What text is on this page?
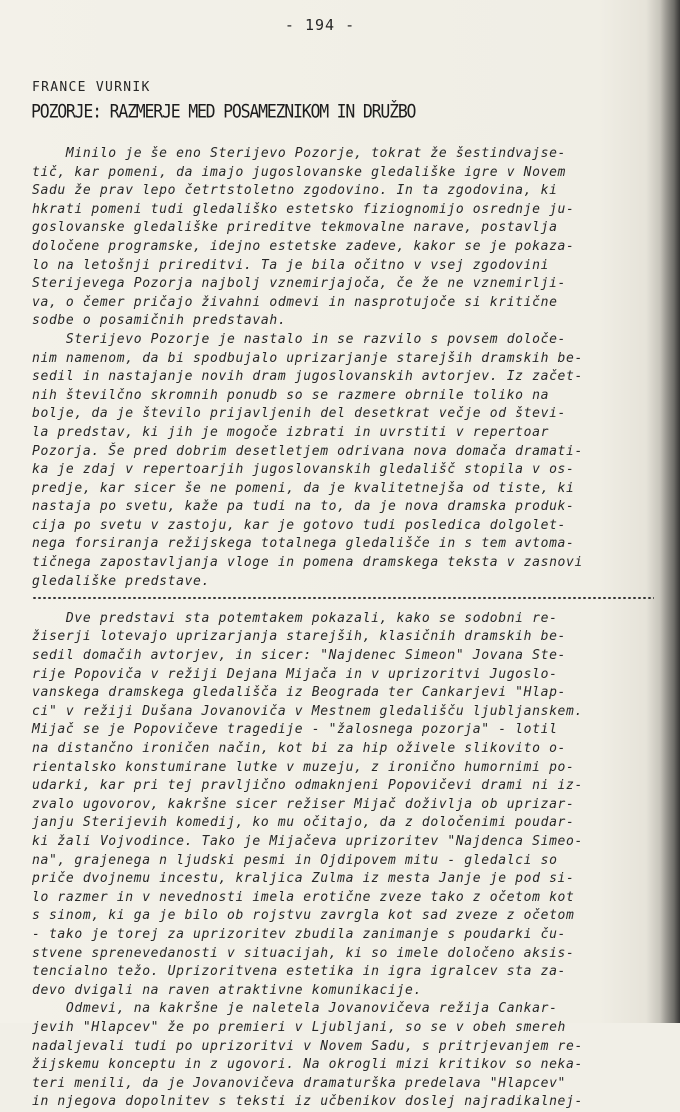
- 194 -
FRANCE VURNIK
POZORJE: RAZMERJE MED POSAMEZNIKOM IN DRUŽBO
Minilo je še eno Sterijevo Pozorje, tokrat že šestindvajse-
tič, kar pomeni, da imajo jugoslovanske gledališke igre v Novem
Sadu že prav lepo četrtstoletno zgodovino. In ta zgodovina, ki
hkrati pomeni tudi gledališko estetsko fiziognomijo osrednje ju-
goslovanske gledališke prireditve tekmovalne narave, postavlja
določene programske, idejno estetske zadeve, kakor se je pokaza-
lo na letošnji prireditvi. Ta je bila očitno v vsej zgodovini
Sterijevega Pozorja najbolj vznemirjajoča, če že ne vznemirlji-
va, o čemer pričajo živahni odmevi in nasprotujoče si kritične
sodbe o posamičnih predstavah.
Sterijevo Pozorje je nastalo in se razvilo s povsem določe-
nim namenom, da bi spodbujalo uprizarjanje starejših dramskih be-
sedil in nastajanje novih dram jugoslovanskih avtorjev. Iz začet-
nih številčno skromnih ponudb so se razmere obrnile toliko na
bolje, da je število prijavljenih del desetkrat večje od števi-
la predstav, ki jih je mogoče izbrati in uvrstiti v repertoar
Pozorja. Še pred dobrim desetletjem odrivana nova domača dramati-
ka je zdaj v repertoarjih jugoslovanskih gledališč stopila v os-
predje, kar sicer še ne pomeni, da je kvalitetnejša od tiste, ki
nastaja po svetu, kaže pa tudi na to, da je nova dramska produk-
cija po svetu v zastoju, kar je gotovo tudi posledica dolgolet-
nega forsiranja režijskega totalnega gledališče in s tem avtoma-
tičnega zapostavljanja vloge in pomena dramskega teksta v zasnovi
gledališke predstave.
Dve predstavi sta potemtakem pokazali, kako se sodobni re-
žiserji lotevajo uprizarjanja starejših, klasičnih dramskih be-
sedil domačih avtorjev, in sicer: "Najdenec Simeon" Jovana Ste-
rije Popoviča v režiji Dejana Mijača in v uprizoritvi Jugoslo-
vanskega dramskega gledališča iz Beograda ter Cankarjevi "Hlap-
ci" v režiji Dušana Jovanoviča v Mestnem gledališču ljubljanskem.
Mijač se je Popovičeve tragedije - "žalosnega pozorja" - lotil
na distančno ironičen način, kot bi za hip oživele slikovito o-
rientalsko konstumirane lutke v muzeju, z ironično humornimi po-
udarki, kar pri tej pravljično odmaknjeni Popovičevi drami ni iz-
zvalo ugovorov, kakršne sicer režiser Mijač doživlja ob uprizar-
janju Sterijevih komedij, ko mu očitajo, da z določenimi poudar-
ki žali Vojvodince. Tako je Mijačeva uprizoritev "Najdenca Simeo-
na", grajenega n ljudski pesmi in Ojdipovem mitu - gledalci so
priče dvojnemu incestu, kraljica Zulma iz mesta Janje je pod si-
lo razmer in v nevednosti imela erotične zveze tako z očetom kot
s sinom, ki ga je bilo ob rojstvu zavrgla kot sad zveze z očetom
- tako je torej za uprizoritev zbudila zanimanje s poudarki ču-
stvene sprenevedanosti v situacijah, ki so imele določeno aksis-
tencialno težo. Uprizoritvena estetika in igra igralcev sta za-
devo dvigali na raven atraktivne komunikacije.
Odmevi, na kakršne je naletela Jovanovičeva režija Cankar-
jevih "Hlapcev" že po premieri v Ljubljani, so se v obeh smereh
nadaljevali tudi po uprizoritvi v Novem Sadu, s pritrjevanjem re-
žijskemu konceptu in z ugovori. Na okrogli mizi kritikov so neka-
teri menili, da je Jovanovičeva dramaturška predelava "Hlapcev"
in njegova dopolnitev s teksti iz učbenikov doslej najradikalnej-
